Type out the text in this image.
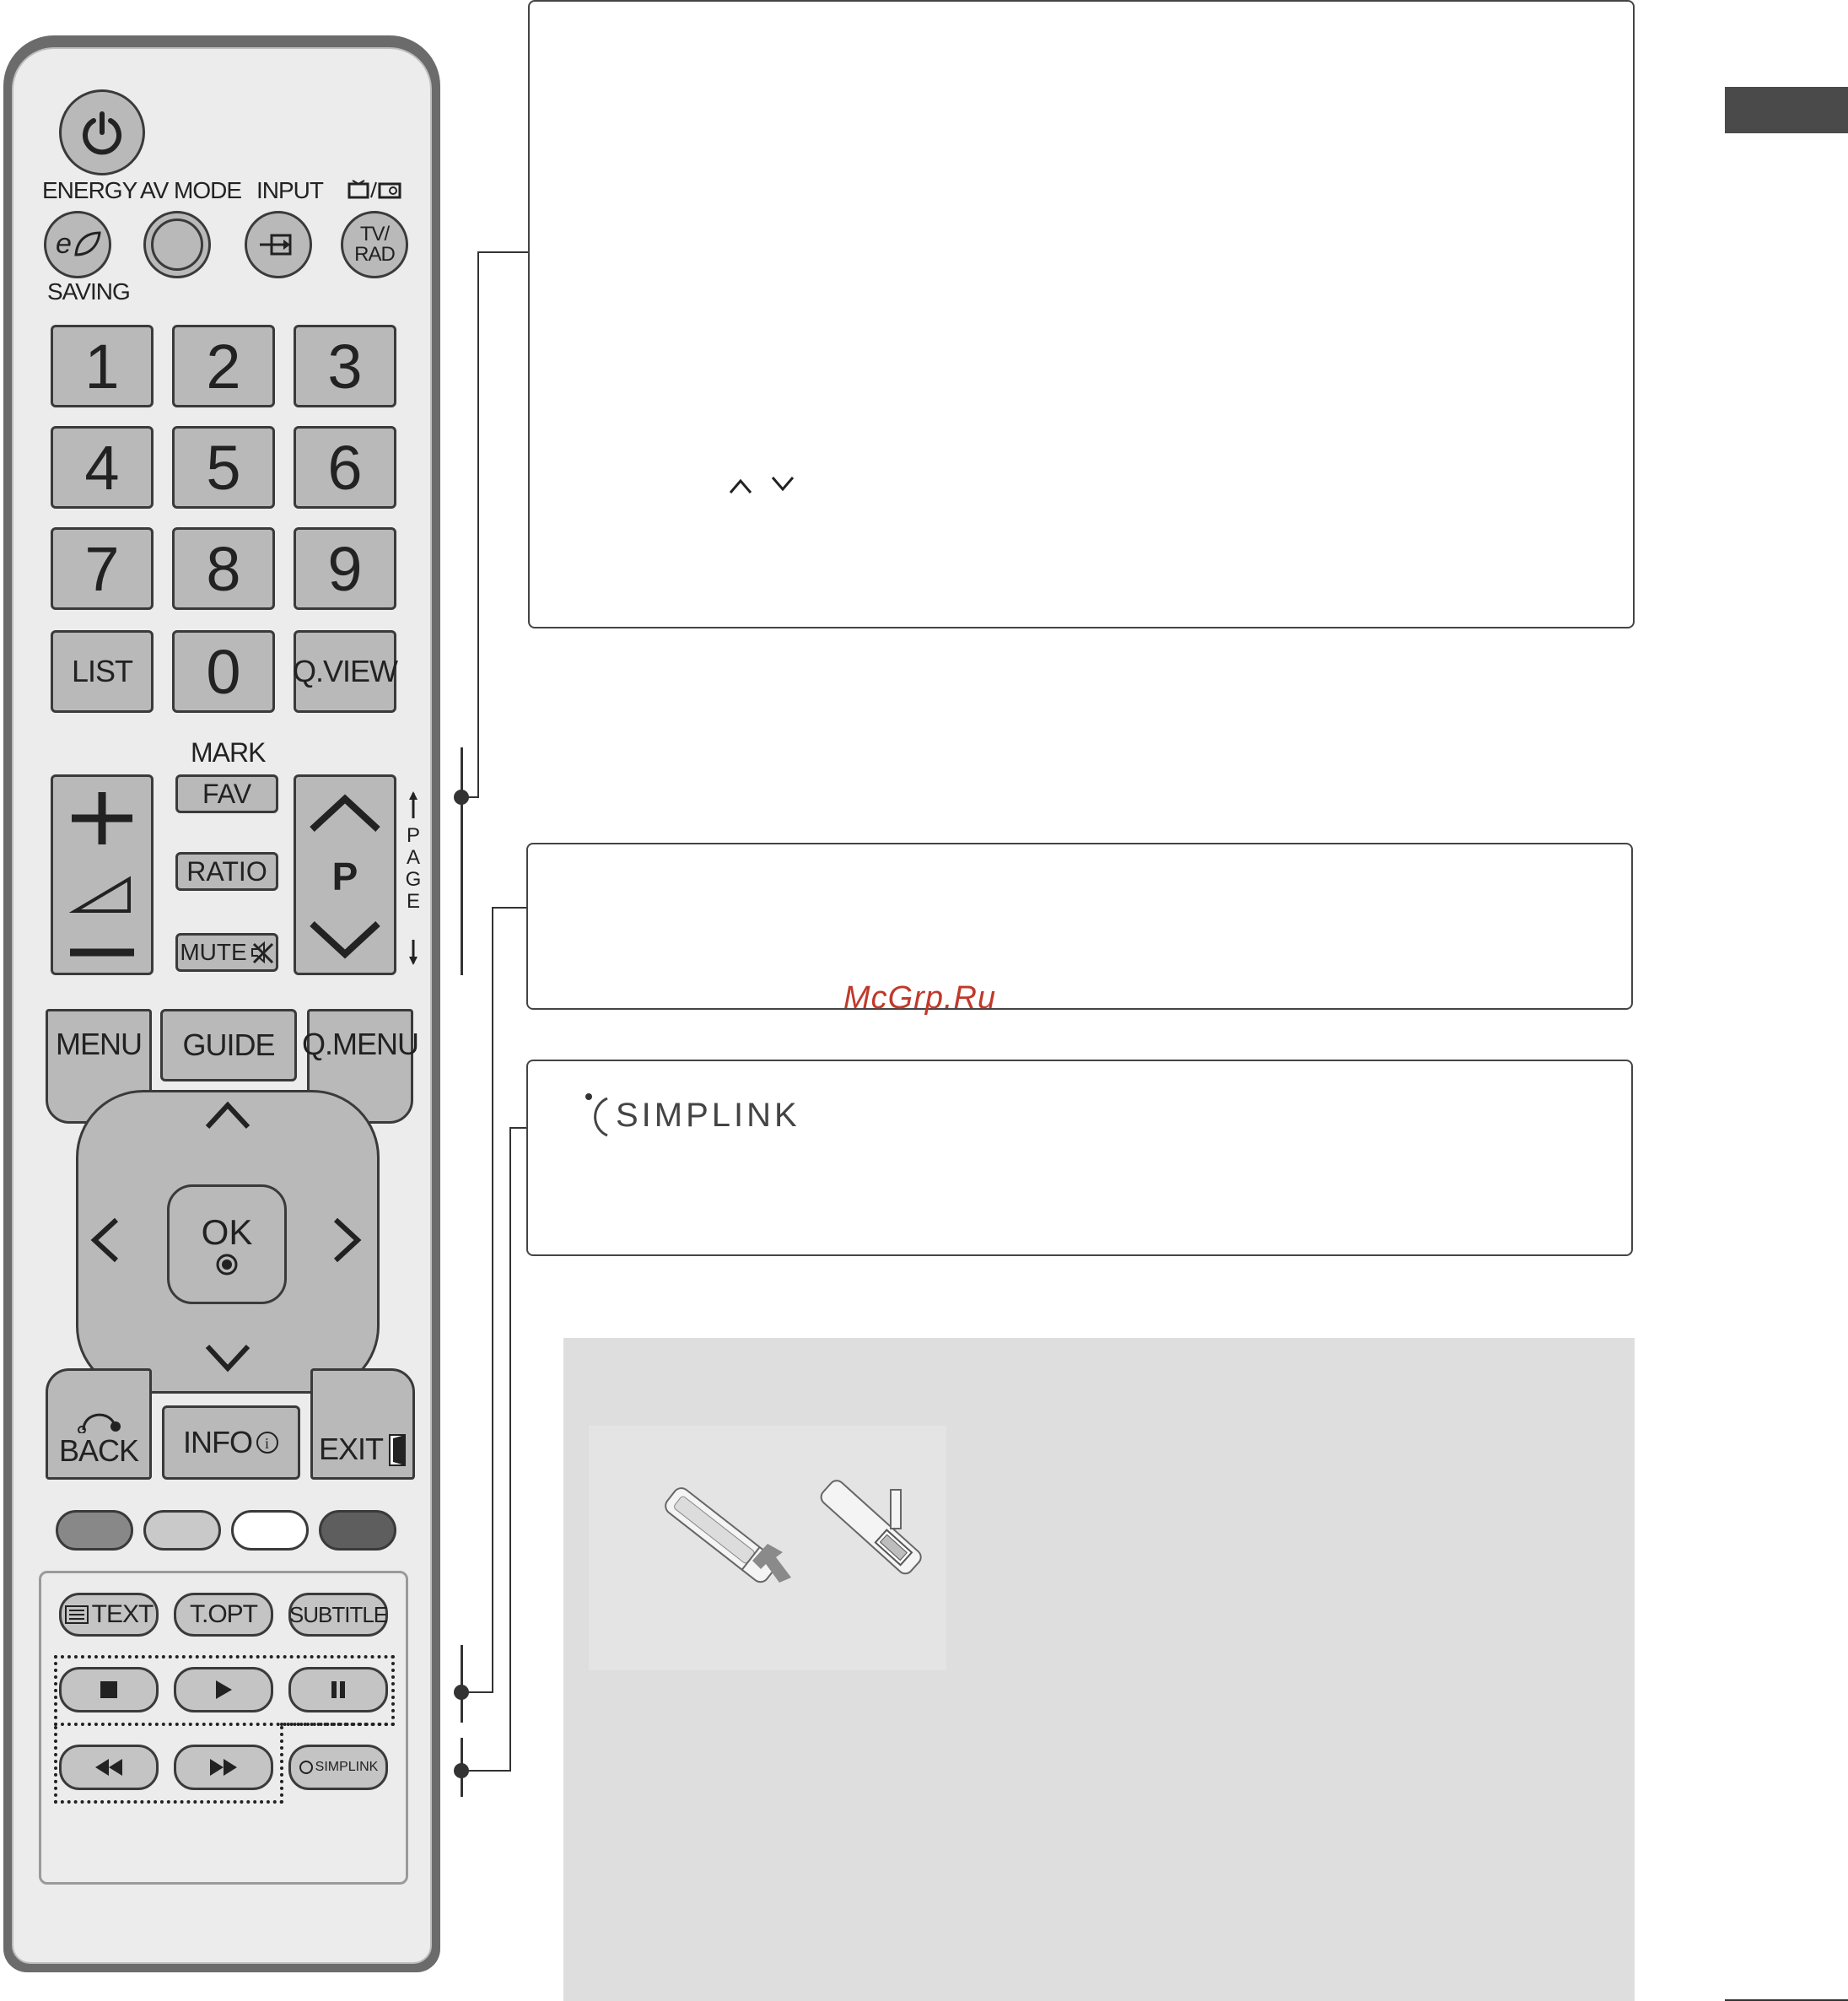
ENERGY AV MODE INPUT
e	TV/ RAD
SAVING
1	2	3
4	5	6
7	8	9
LIST	0	Q.VIEW
MARK
FAV
RATIO
MUTE
P
PAGE
MENU	GUIDE Q.MENU
OK
BACK INFO i EXIT
TEXT	T.OPT	SUBTITLE
SIMPLINK
McGrp.Ru
SIMPLINK
